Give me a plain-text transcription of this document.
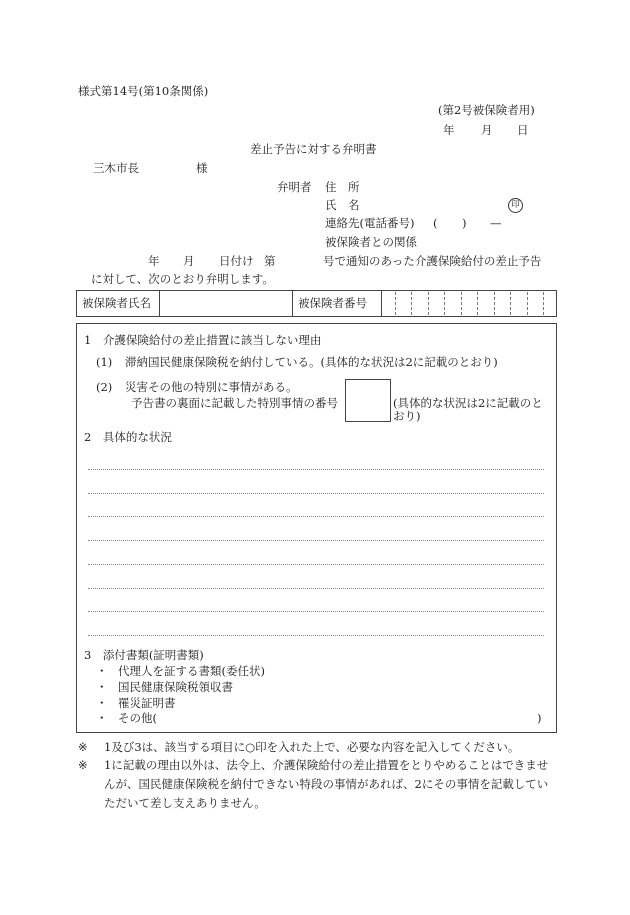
様式第14号(第10条関係)
(第2号被保険者用)
年 月 日
差止予告に対する弁明書
三木市長	様
弁明者 住　所
氏　名	印
連絡先(電話番号) ( ) —
被保険者との関係
年 月 日付け 第	号で通知のあった介護保険給付の差止予告
に対して、次のとおり弁明します。
被保険者氏名	被保険者番号
1　介護保険給付の差止措置に該当しない理由
(1) 滞納国民健康保険税を納付している。(具体的な状況は2に記載のとおり)
(2) 災害その他の特別に事情がある。
予告書の裏面に記載した特別事情の番号	(具体的な状況は2に記載のと
おり)
2　具体的な状況
3　添付書類(証明書類)
・ 代理人を証する書類(委任状)
・ 国民健康保険税領収書
・ 罹災証明書
・ その他(	)
※ 1及び3は、該当する項目に○印を入れた上で、必要な内容を記入してください。
※ 1に記載の理由以外は、法令上、介護保険給付の差止措置をとりやめることはできませんが、国民健康保険税を納付できない特段の事情があれば、2にその事情を記載していただいて差し支えありません。
